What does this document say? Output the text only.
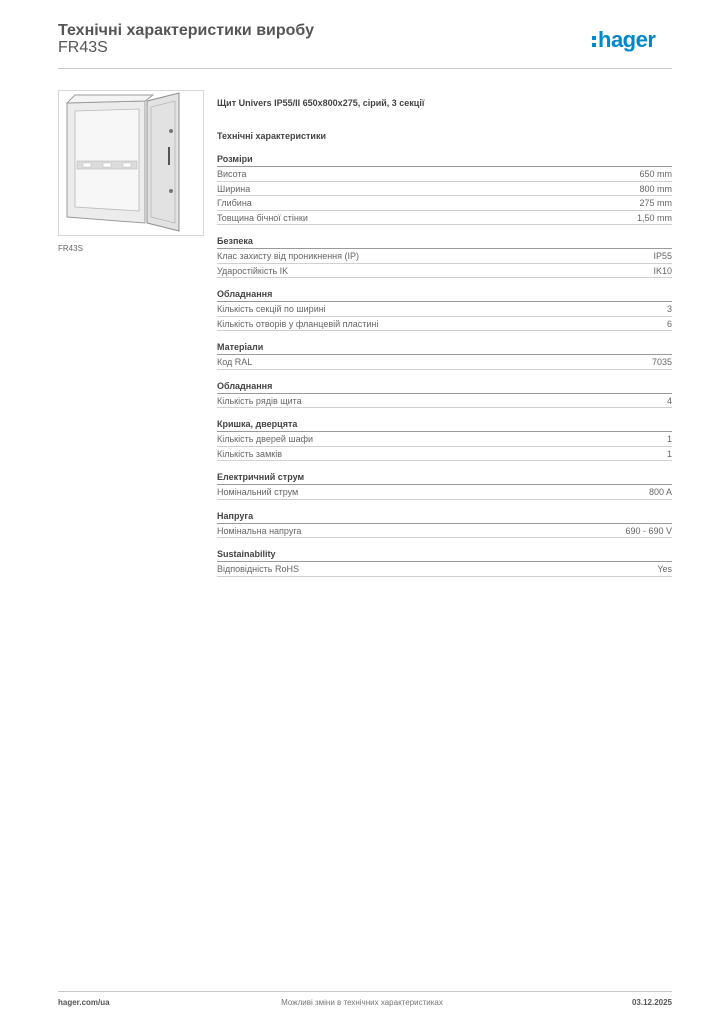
Технічні характеристики виробу
FR43S	hager
FR43S
Щит Univers IP55/II 650x800x275, сірий, 3 секції
Технічні характеристики
Розміри
Висота	650 mm
Ширина	800 mm
Глибина	275 mm
Товщина бічної стінки	1,50 mm
Безпека
Клас захисту від проникнення (IP)	IP55
Ударостійкість IK	IK10
Обладнання
Кількість секцій по ширині	3
Кількість отворів у фланцевій пластині	6
Матеріали
Код RAL	7035
Обладнання
Кількість рядів щита	4
Кришка, дверцята
Кількість дверей шафи	1
Кількість замків	1
Електричний струм
Номінальний струм	800 A
Напруга
Номінальна напруга	690 - 690 V
Sustainability
Відповідність RoHS	Yes
hager.com/ua	Можливі зміни в технічних характеристиках	03.12.2025
